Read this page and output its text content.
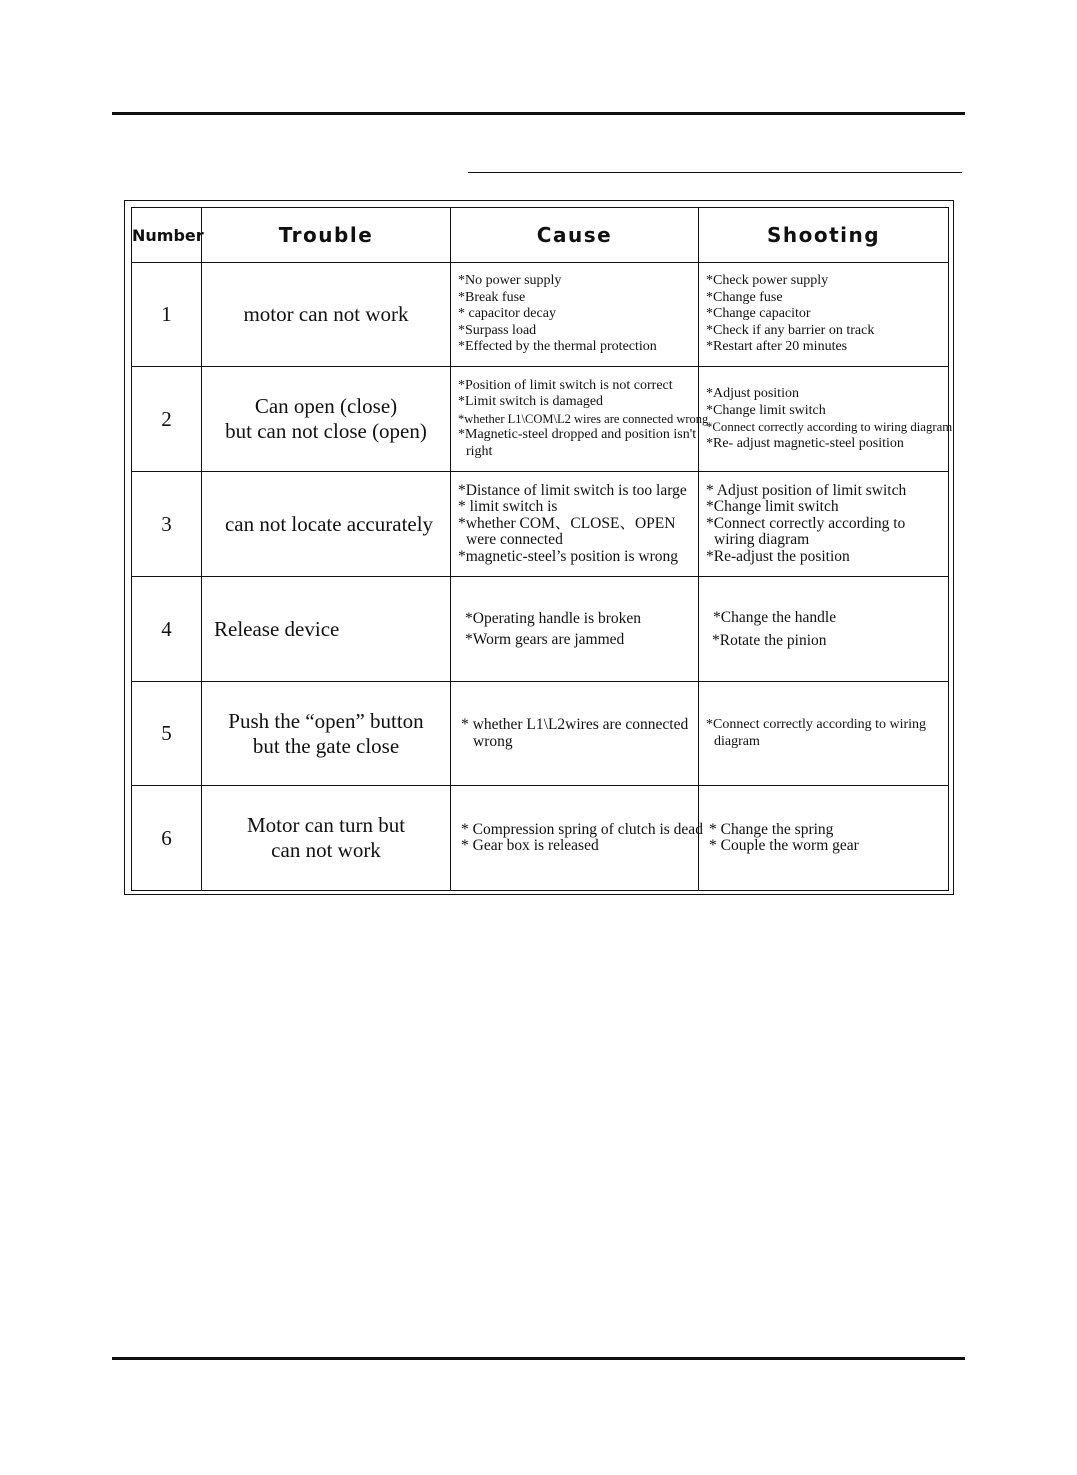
Number	Trouble	Cause	Shooting
1	motor can not work	*No power supply
*Break fuse
* capacitor decay
*Surpass load
*Effected by the thermal protection	*Check power supply
*Change fuse
*Change capacitor
*Check if any barrier on track
*Restart after 20 minutes

2	Can open (close)
but can not close (open)	*Position of limit switch is not correct
*Limit switch is damaged
*whether L1\COM\L2 wires are connected wrong
*Magnetic-steel dropped and position isn't
right	*Adjust position
*Change limit switch
*Connect correctly according to wiring diagram
*Re- adjust magnetic-steel position

3	can not locate accurately	*Distance of limit switch is too large
* limit switch is
*whether COM、CLOSE、OPEN
were connected
*magnetic-steel’s position is wrong	* Adjust position of limit switch
*Change limit switch
*Connect correctly according to
wiring diagram
*Re-adjust the position

4	Release device	*Operating handle is broken
*Worm gears are jammed	*Change the handle
*Rotate the pinion

5	Push the “open” button
but the gate close	* whether L1\L2wires are connected
wrong	*Connect correctly according to wiring
diagram

6	Motor can turn but
can not work	* Compression spring of clutch is dead
* Gear box is released	* Change the spring
* Couple the worm gear
